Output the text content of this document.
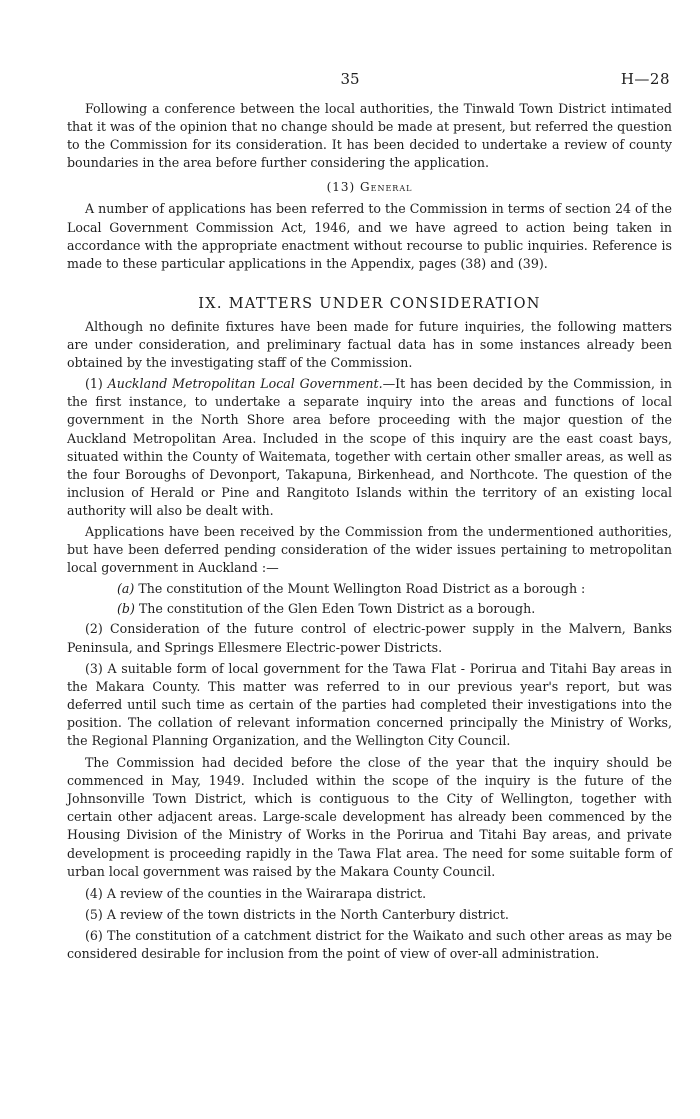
35	H—28

Following a conference between the local authorities, the Tinwald Town District intimated that it was of the opinion that no change should be made at present, but referred the question to the Commission for its consideration. It has been decided to undertake a review of county boundaries in the area before further considering the application.

(13) General

A number of applications has been referred to the Commission in terms of section 24 of the Local Government Commission Act, 1946, and we have agreed to action being taken in accordance with the appropriate enactment without recourse to public inquiries. Reference is made to these particular applications in the Appendix, pages (38) and (39).

IX. MATTERS UNDER CONSIDERATION

Although no definite fixtures have been made for future inquiries, the following matters are under consideration, and preliminary factual data has in some instances already been obtained by the investigating staff of the Commission.

(1) Auckland Metropolitan Local Government.—It has been decided by the Commission, in the first instance, to undertake a separate inquiry into the areas and functions of local government in the North Shore area before proceeding with the major question of the Auckland Metropolitan Area. Included in the scope of this inquiry are the east coast bays, situated within the County of Waitemata, together with certain other smaller areas, as well as the four Boroughs of Devonport, Takapuna, Birkenhead, and Northcote. The question of the inclusion of Herald or Pine and Rangitoto Islands within the territory of an existing local authority will also be dealt with.

Applications have been received by the Commission from the undermentioned authorities, but have been deferred pending consideration of the wider issues pertaining to metropolitan local government in Auckland :—

(a) The constitution of the Mount Wellington Road District as a borough :

(b) The constitution of the Glen Eden Town District as a borough.

(2) Consideration of the future control of electric-power supply in the Malvern, Banks Peninsula, and Springs Ellesmere Electric-power Districts.

(3) A suitable form of local government for the Tawa Flat - Porirua and Titahi Bay areas in the Makara County. This matter was referred to in our previous year's report, but was deferred until such time as certain of the parties had completed their investigations into the position. The collation of relevant information concerned principally the Ministry of Works, the Regional Planning Organization, and the Wellington City Council.

The Commission had decided before the close of the year that the inquiry should be commenced in May, 1949. Included within the scope of the inquiry is the future of the Johnsonville Town District, which is contiguous to the City of Wellington, together with certain other adjacent areas. Large-scale development has already been commenced by the Housing Division of the Ministry of Works in the Porirua and Titahi Bay areas, and private development is proceeding rapidly in the Tawa Flat area. The need for some suitable form of urban local government was raised by the Makara County Council.

(4) A review of the counties in the Wairarapa district.

(5) A review of the town districts in the North Canterbury district.

(6) The constitution of a catchment district for the Waikato and such other areas as may be considered desirable for inclusion from the point of view of over-all administration.
